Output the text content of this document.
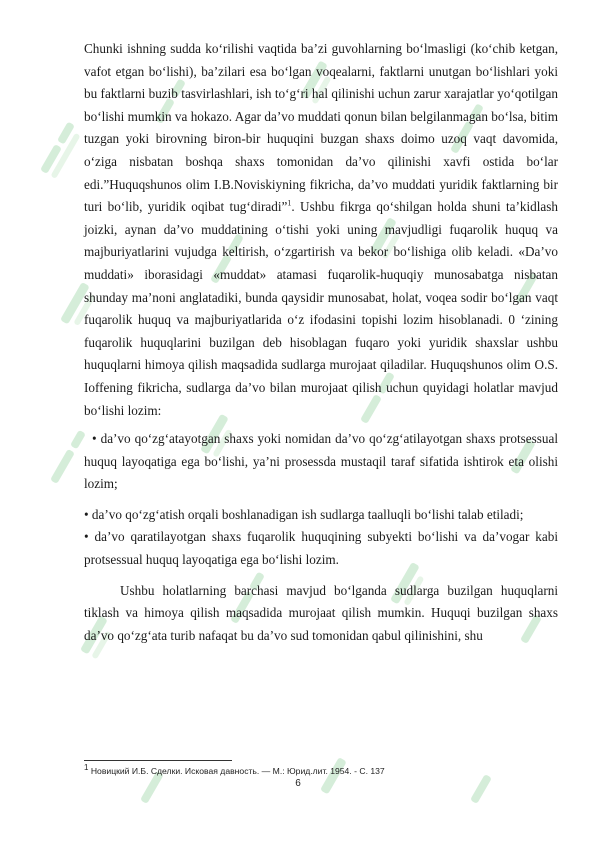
Chunki ishning sudda ko‘rilishi vaqtida ba’zi guvohlarning bo‘lmasligi (ko‘chib ketgan, vafot etgan bo‘lishi), ba’zilari esa bo‘lgan voqealarni, faktlarni unutgan bo‘lishlari yoki bu faktlarni buzib tasvirlashlari, ish to‘g‘ri hal qilinishi uchun zarur xarajatlar yo‘qotilgan bo‘lishi mumkin va hokazo. Agar da’vo muddati qonun bilan belgilanmagan bo‘lsa, bitim tuzgan yoki birovning biron-bir huquqini buzgan shaxs doimo uzoq vaqt davomida, o‘ziga nisbatan boshqa shaxs tomonidan da’vo qilinishi xavfi ostida bo‘lar edi.”Huquqshunos olim I.B.Noviskiyning fikricha, da’vo muddati yuridik faktlarning bir turi bo‘lib, yuridik oqibat tug‘diradi”$^1$. Ushbu fikrga qo‘shilgan holda shuni ta’kidlash joizki, aynan da’vo muddatining o‘tishi yoki uning mavjudligi fuqarolik huquq va majburiyatlarini vujudga keltirish, o‘zgartirish va bekor bo‘lishiga olib keladi. «Da’vo muddati» iborasidagi «muddat» atamasi fuqarolik-huquqiy munosabatga nisbatan shunday ma’noni anglatadiki, bunda qaysidir munosabat, holat, voqea sodir bo‘lgan vaqt fuqarolik huquq va majburiyatlarida o‘z ifodasini topishi lozim hisoblanadi. 0 ‘zining fuqarolik huquqlarini buzilgan deb hisoblagan fuqaro yoki yuridik shaxslar ushbu huquqlarni himoya qilish maqsadida sudlarga murojaat qiladilar. Huquqshunos olim O.S. Ioffening fikricha, sudlarga da’vo bilan murojaat qilish uchun quyidagi holatlar mavjud bo‘lishi lozim:

• da’vo qo‘zg‘atayotgan shaxs yoki nomidan da’vo qo‘zg‘atilayotgan shaxs protsessual huquq layoqatiga ega bo‘lishi, ya’ni prosessda mustaqil taraf sifatida ishtirok eta olishi lozim;

• da’vo qo‘zg‘atish orqali boshlanadigan ish sudlarga taalluqli bo‘lishi talab etiladi;

• da’vo qaratilayotgan shaxs fuqarolik huquqining subyekti bo‘lishi va da’vogar kabi protsessual huquq layoqatiga ega bo‘lishi lozim.

Ushbu holatlarning barchasi mavjud bo‘lganda sudlarga buzilgan huquqlarni tiklash va himoya qilish maqsadida murojaat qilish mumkin. Huquqi buzilgan shaxs da’vo qo‘zg‘ata turib nafaqat bu da’vo sud tomonidan qabul qilinishini, shu

$^1$ Новицкий И.Б. Сделки. Исковая давность. — М.: Юрид.лит. 1954. - С. 137
6
